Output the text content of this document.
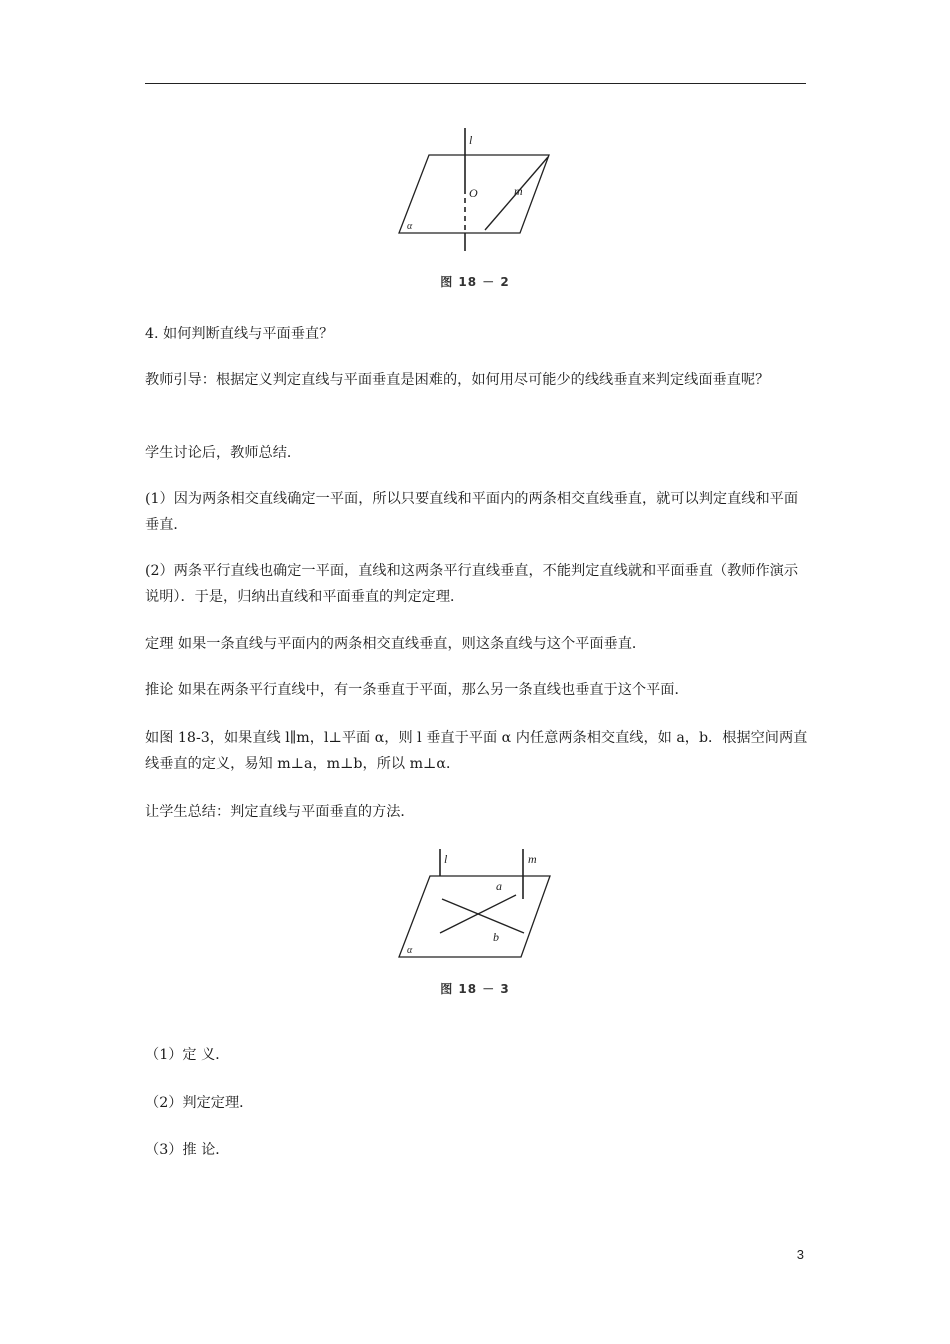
l
O	m
α
图 18 － 2
4. 如何判断直线与平面垂直？
教师引导：根据定义判定直线与平面垂直是困难的，如何用尽可能少的线线垂直来判定线面垂直呢？
学生讨论后，教师总结．
(1）因为两条相交直线确定一平面，所以只要直线和平面内的两条相交直线垂直，就可以判定直线和平面垂直．
(2）两条平行直线也确定一平面，直线和这两条平行直线垂直，不能判定直线就和平面垂直（教师作演示说明）．于是，归纳出直线和平面垂直的判定定理．
定理 如果一条直线与平面内的两条相交直线垂直，则这条直线与这个平面垂直．
推论 如果在两条平行直线中，有一条垂直于平面，那么另一条直线也垂直于这个平面．
如图 18-3，如果直线 l∥m，l⊥平面 α，则 l 垂直于平面 α 内任意两条相交直线，如 a，b．根据空间两直线垂直的定义，易知 m⊥a，m⊥b，所以 m⊥α．
让学生总结：判定直线与平面垂直的方法．
l	m
a
b
α
图 18 － 3
（1）定 义．
（2）判定定理．
（3）推 论．
3
